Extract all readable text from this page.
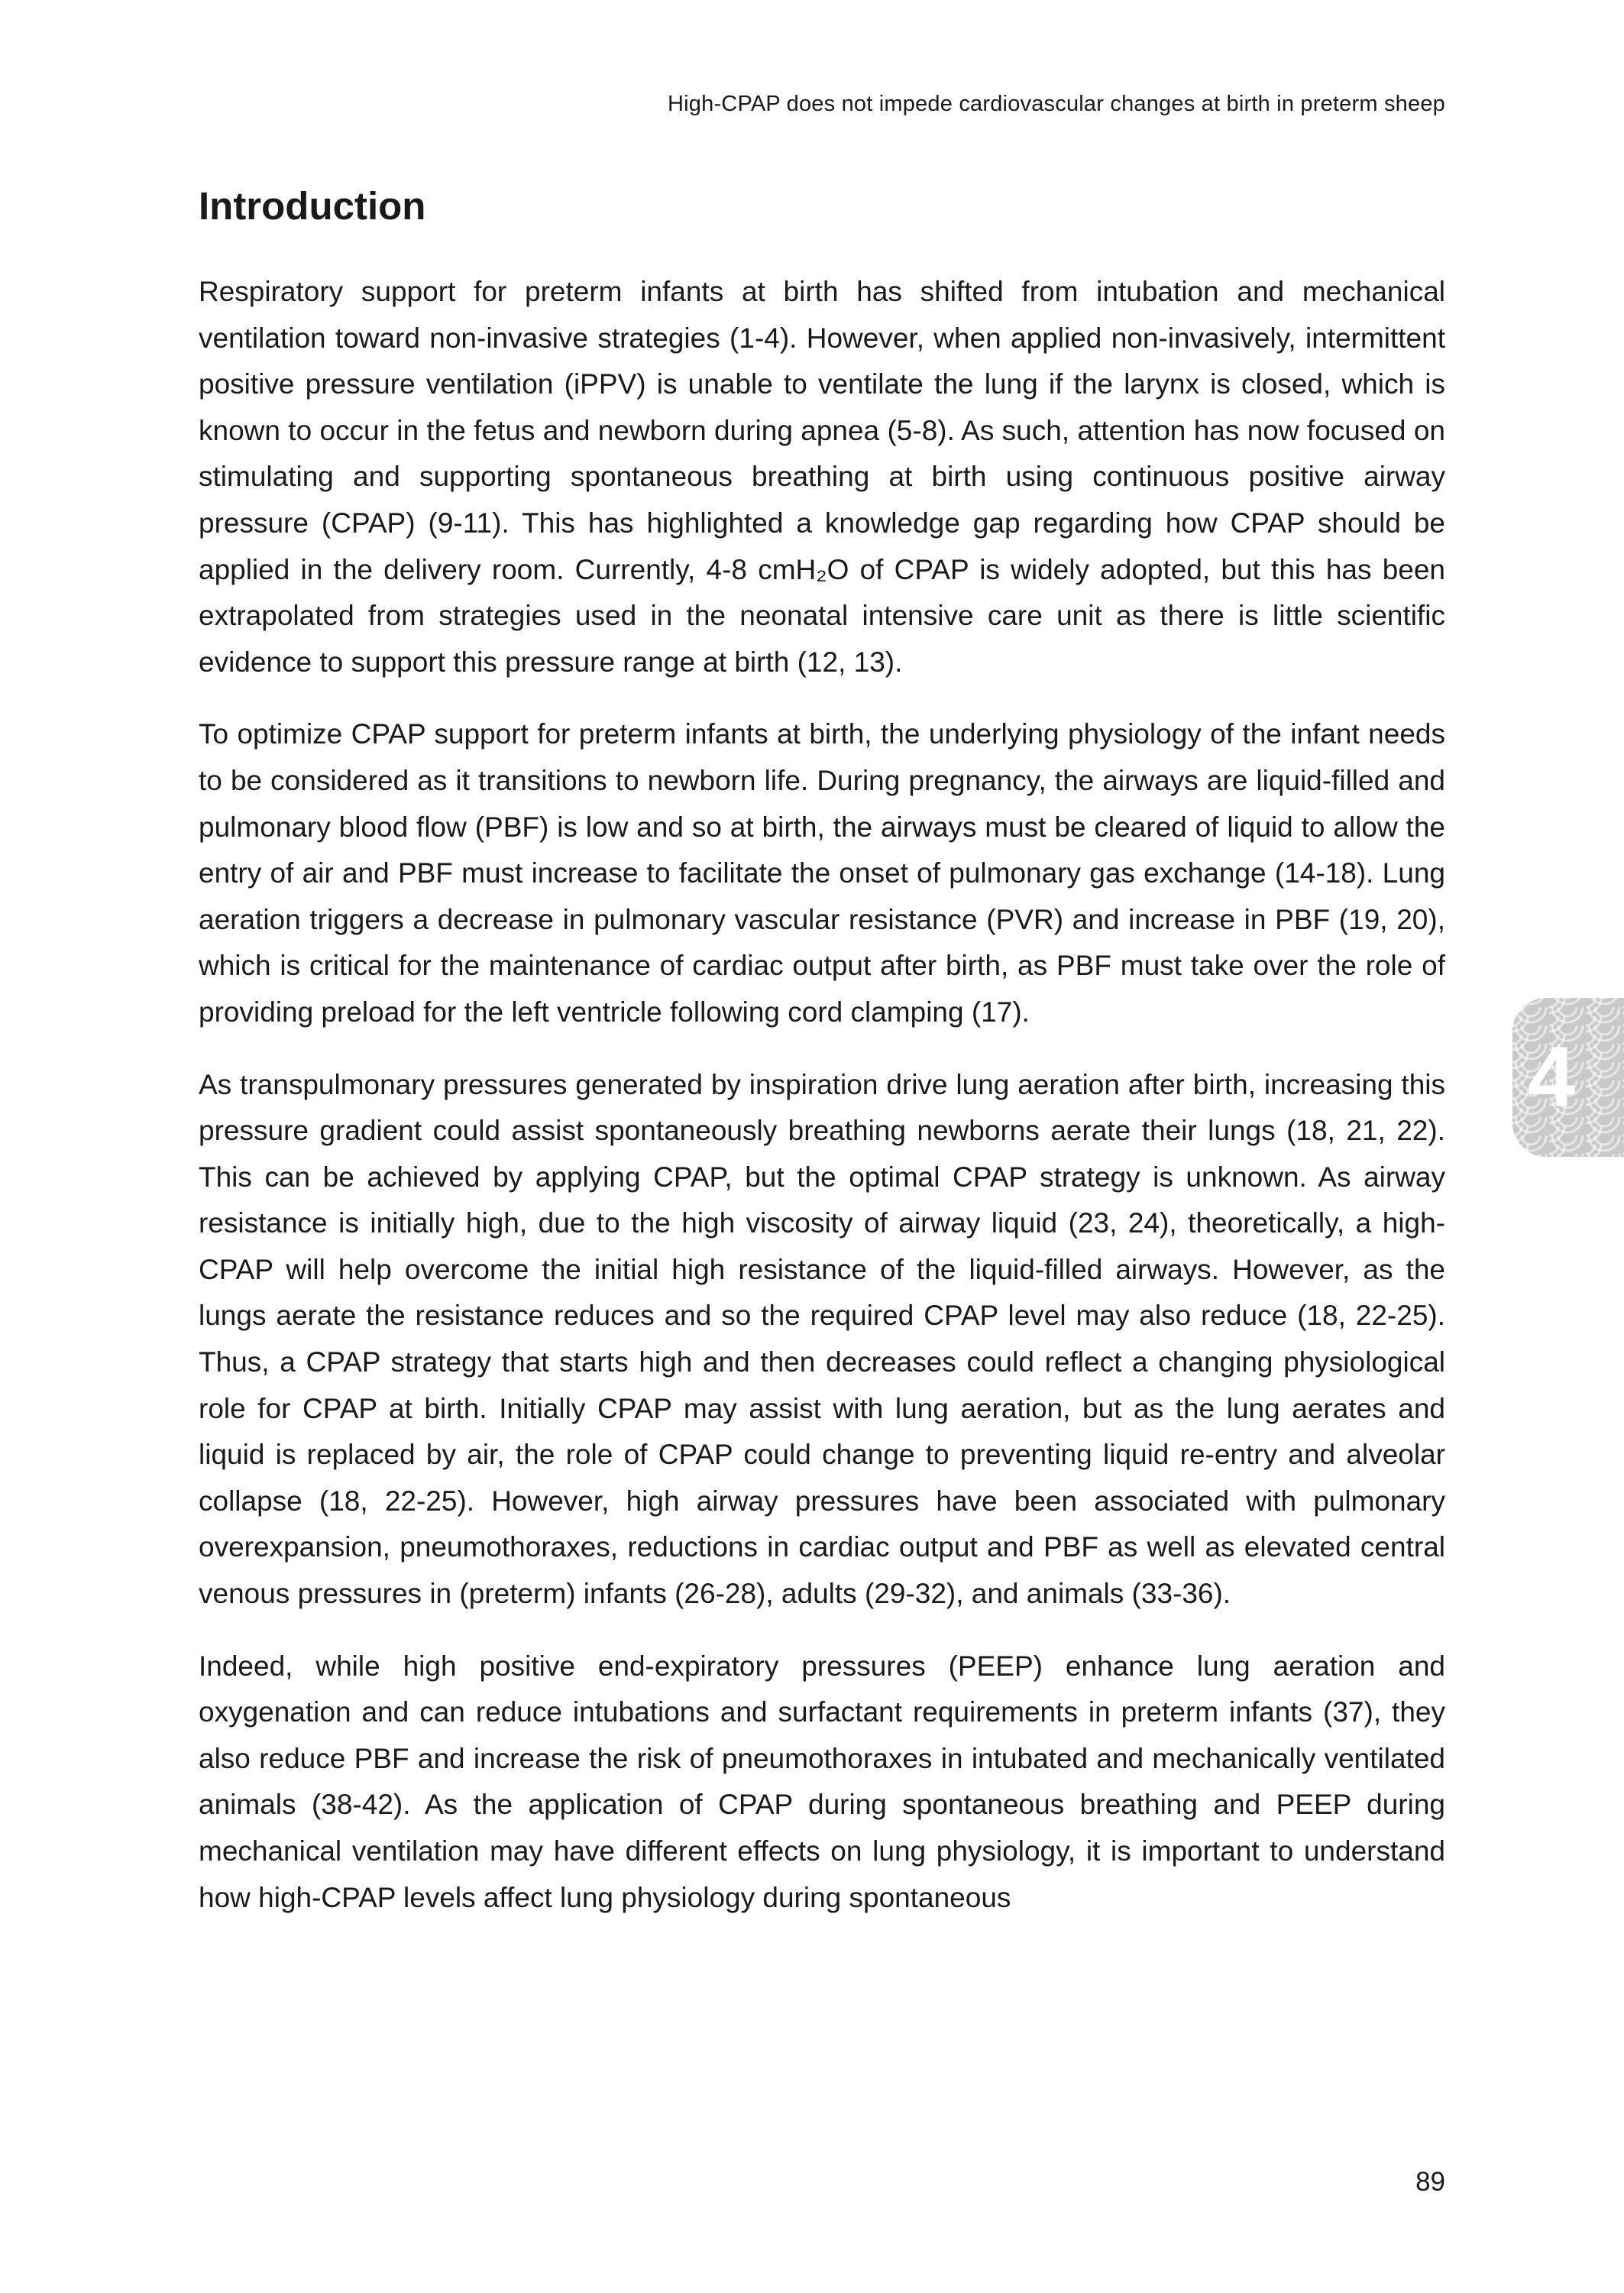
High-CPAP does not impede cardiovascular changes at birth in preterm sheep
Introduction

Respiratory support for preterm infants at birth has shifted from intubation and mechanical ventilation toward non-invasive strategies (1-4). However, when applied non-invasively, intermittent positive pressure ventilation (iPPV) is unable to ventilate the lung if the larynx is closed, which is known to occur in the fetus and newborn during apnea (5-8). As such, attention has now focused on stimulating and supporting spontaneous breathing at birth using continuous positive airway pressure (CPAP) (9-11). This has highlighted a knowledge gap regarding how CPAP should be applied in the delivery room. Currently, 4-8 cmH₂O of CPAP is widely adopted, but this has been extrapolated from strategies used in the neonatal intensive care unit as there is little scientific evidence to support this pressure range at birth (12, 13).

To optimize CPAP support for preterm infants at birth, the underlying physiology of the infant needs to be considered as it transitions to newborn life. During pregnancy, the airways are liquid-filled and pulmonary blood flow (PBF) is low and so at birth, the airways must be cleared of liquid to allow the entry of air and PBF must increase to facilitate the onset of pulmonary gas exchange (14-18). Lung aeration triggers a decrease in pulmonary vascular resistance (PVR) and increase in PBF (19, 20), which is critical for the maintenance of cardiac output after birth, as PBF must take over the role of providing preload for the left ventricle following cord clamping (17).

As transpulmonary pressures generated by inspiration drive lung aeration after birth, increasing this pressure gradient could assist spontaneously breathing newborns aerate their lungs (18, 21, 22). This can be achieved by applying CPAP, but the optimal CPAP strategy is unknown. As airway resistance is initially high, due to the high viscosity of airway liquid (23, 24), theoretically, a high-CPAP will help overcome the initial high resistance of the liquid-filled airways. However, as the lungs aerate the resistance reduces and so the required CPAP level may also reduce (18, 22-25). Thus, a CPAP strategy that starts high and then decreases could reflect a changing physiological role for CPAP at birth. Initially CPAP may assist with lung aeration, but as the lung aerates and liquid is replaced by air, the role of CPAP could change to preventing liquid re-entry and alveolar collapse (18, 22-25). However, high airway pressures have been associated with pulmonary overexpansion, pneumothoraxes, reductions in cardiac output and PBF as well as elevated central venous pressures in (preterm) infants (26-28), adults (29-32), and animals (33-36).

Indeed, while high positive end-expiratory pressures (PEEP) enhance lung aeration and oxygenation and can reduce intubations and surfactant requirements in preterm infants (37), they also reduce PBF and increase the risk of pneumothoraxes in intubated and mechanically ventilated animals (38-42). As the application of CPAP during spontaneous breathing and PEEP during mechanical ventilation may have different effects on lung physiology, it is important to understand how high-CPAP levels affect lung physiology during spontaneous

4
89
